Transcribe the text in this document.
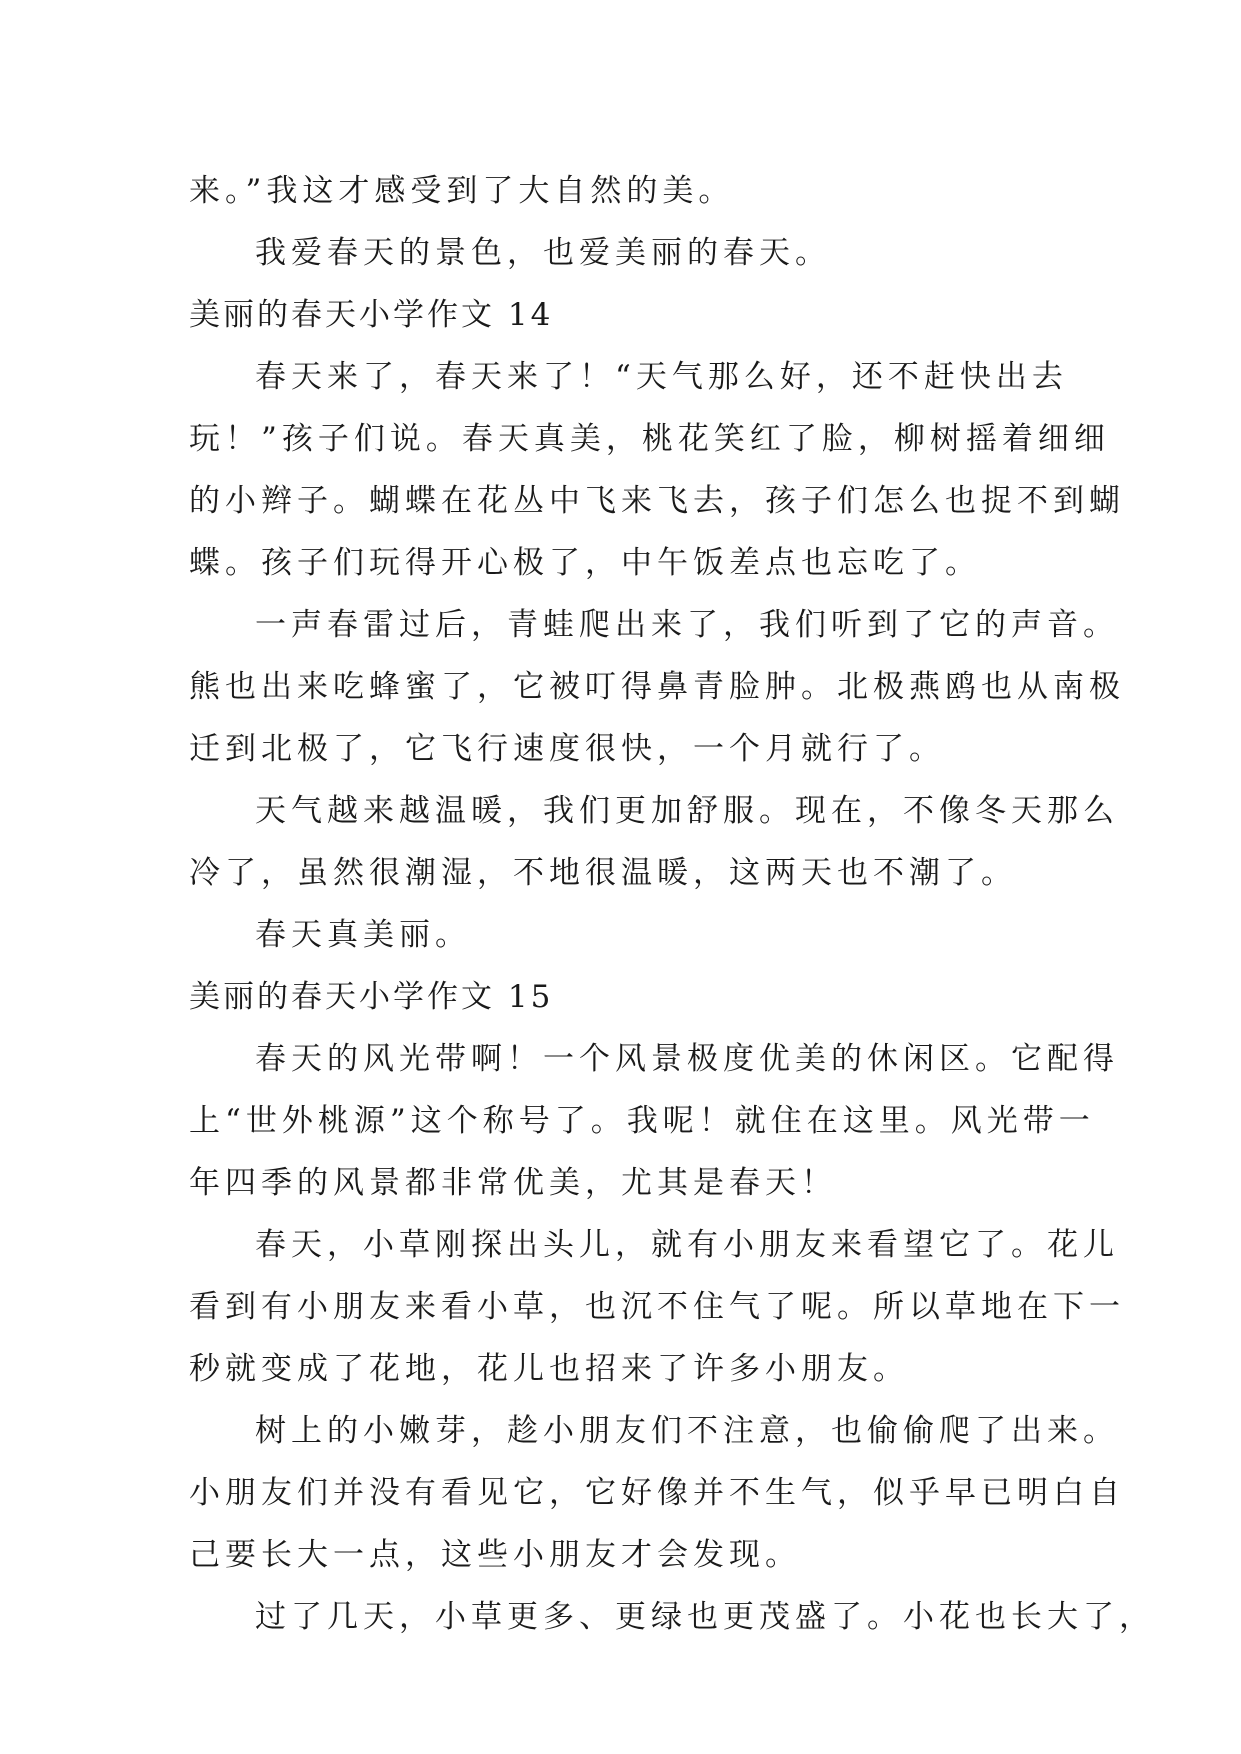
来。”我这才感受到了大自然的美。
我爱春天的景色，也爱美丽的春天。
美丽的春天小学作文 14
春天来了，春天来了！“天气那么好，还不赶快出去
玩！”孩子们说。春天真美，桃花笑红了脸，柳树摇着细细
的小辫子。蝴蝶在花丛中飞来飞去，孩子们怎么也捉不到蝴
蝶。孩子们玩得开心极了，中午饭差点也忘吃了。
一声春雷过后，青蛙爬出来了，我们听到了它的声音。
熊也出来吃蜂蜜了，它被叮得鼻青脸肿。北极燕鸥也从南极
迁到北极了，它飞行速度很快，一个月就行了。
天气越来越温暖，我们更加舒服。现在，不像冬天那么
冷了，虽然很潮湿，不地很温暖，这两天也不潮了。
春天真美丽。
美丽的春天小学作文 15
春天的风光带啊！一个风景极度优美的休闲区。它配得
上“世外桃源”这个称号了。我呢！就住在这里。风光带一
年四季的风景都非常优美，尤其是春天！
春天，小草刚探出头儿，就有小朋友来看望它了。花儿
看到有小朋友来看小草，也沉不住气了呢。所以草地在下一
秒就变成了花地，花儿也招来了许多小朋友。
树上的小嫩芽，趁小朋友们不注意，也偷偷爬了出来。
小朋友们并没有看见它，它好像并不生气，似乎早已明白自
己要长大一点，这些小朋友才会发现。
过了几天，小草更多、更绿也更茂盛了。小花也长大了，
